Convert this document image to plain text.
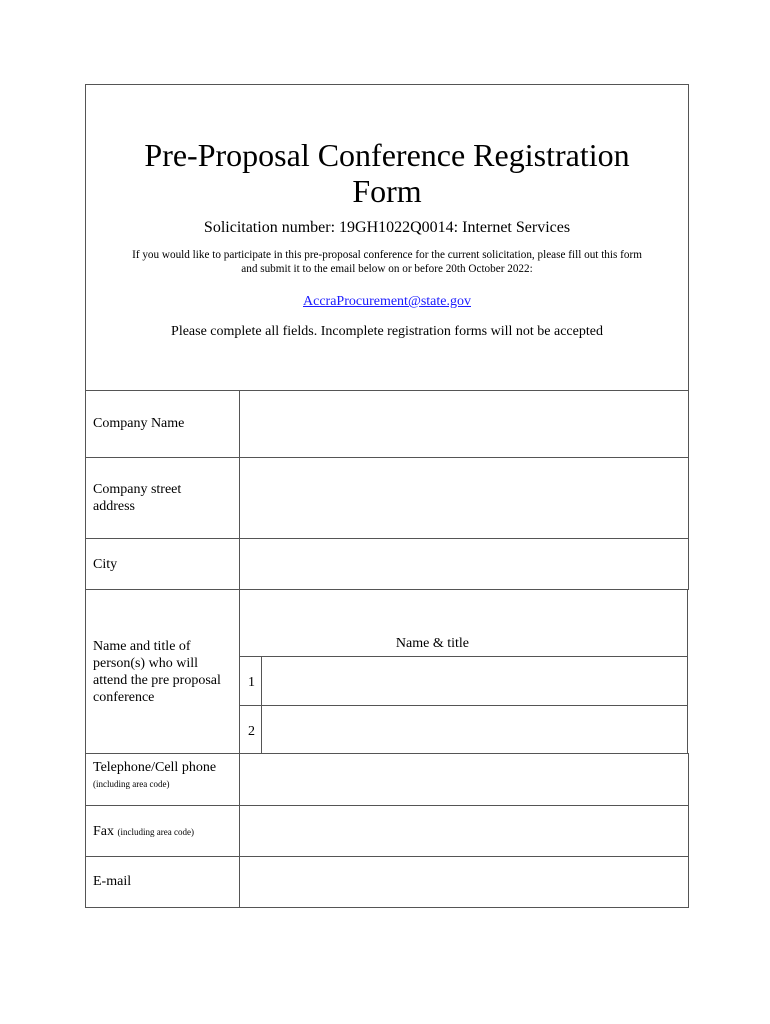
Pre-Proposal Conference Registration
Form
Solicitation number: 19GH1022Q0014: Internet Services
If you would like to participate in this pre-proposal conference for the current solicitation, please fill out this form
and submit it to the email below on or before 20th October 2022:
AccraProcurement@state.gov
Please complete all fields. Incomplete registration forms will not be accepted
Company Name
Company street
address
City
Name and title of
person(s) who will
attend the pre proposal
conference
Name & title
1
2
Telephone/Cell phone
(including area code)
Fax (including area code)
E-mail
